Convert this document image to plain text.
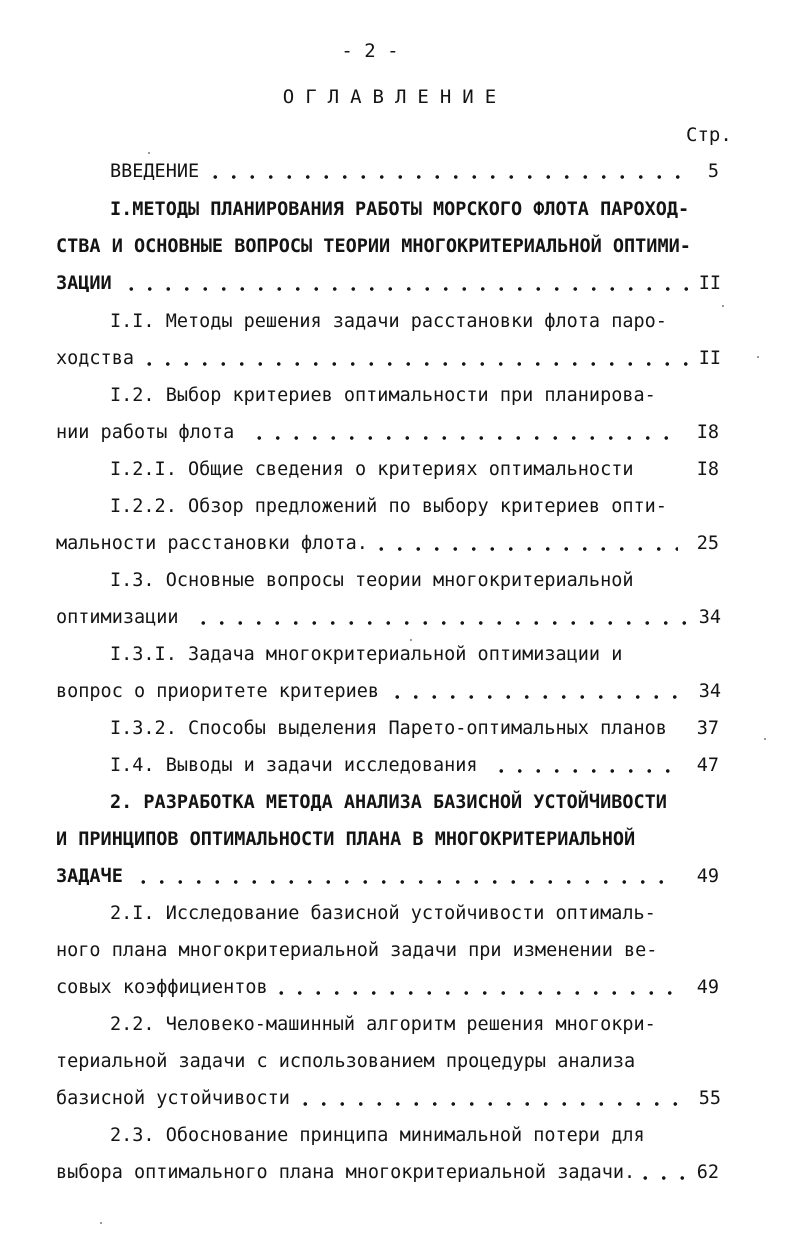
- 2 -
ОГЛАВЛЕНИЕ
Стр.
ВВЕДЕНИЕ	5
I.МЕТОДЫ ПЛАНИРОВАНИЯ РАБОТЫ МОРСКОГО ФЛОТА ПАРОХОД-
СТВА И ОСНОВНЫЕ ВОПРОСЫ ТЕОРИИ МНОГОКРИТЕРИАЛЬНОЙ ОПТИМИ-
ЗАЦИИ	II
I.I. Методы решения задачи расстановки флота паро-
ходства	II
I.2. Выбор критериев оптимальности при планирова-
нии работы флота	I8
I.2.I. Общие сведения о критериях оптимальности	I8
I.2.2. Обзор предложений по выбору критериев опти-
мальности расстановки флота.	25
I.3. Основные вопросы теории многокритериальной
оптимизации	34
I.3.I. Задача многокритериальной оптимизации и
вопрос о приоритете критериев	34
I.3.2. Способы выделения Парето-оптимальных планов 37
I.4. Выводы и задачи исследования	47
2. РАЗРАБОТКА МЕТОДА АНАЛИЗА БАЗИСНОЙ УСТОЙЧИВОСТИ
И ПРИНЦИПОВ ОПТИМАЛЬНОСТИ ПЛАНА В МНОГОКРИТЕРИАЛЬНОЙ
ЗАДАЧЕ	49
2.I. Исследование базисной устойчивости оптималь-
ного плана многокритериальной задачи при изменении ве-
совых коэффициентов	49
2.2. Человеко-машинный алгоритм решения многокри-
териальной задачи с использованием процедуры анализа
базисной устойчивости	55
2.3. Обоснование принципа минимальной потери для
выбора оптимального плана многокритериальной задачи.	62
